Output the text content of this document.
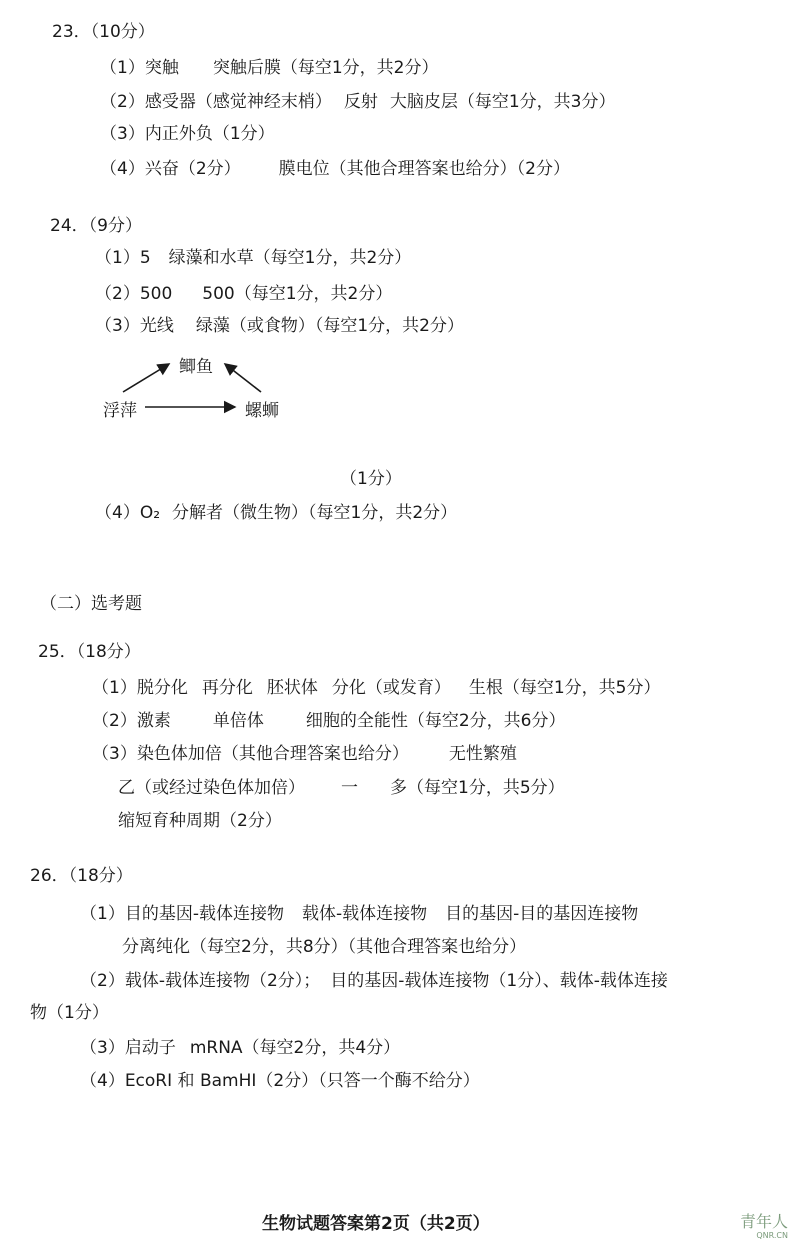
23．（10分）
（1）突触 突触后膜（每空1分，共2分）
（2）感受器（感觉神经末梢） 反射 大脑皮层（每空1分，共3分）
（3）内正外负（1分）
（4）兴奋（2分） 膜电位（其他合理答案也给分）（2分）
24．（9分）
（1）5 绿藻和水草（每空1分，共2分）
（2）500 500（每空1分，共2分）
（3）光线 绿藻（或食物）（每空1分，共2分）
鲫鱼
浮萍	螺蛳
（1分）
（4）O₂ 分解者（微生物）（每空1分，共2分）
（二）选考题
25．（18分）
（1）脱分化 再分化 胚状体 分化（或发育） 生根（每空1分，共5分）
（2）激素 单倍体 细胞的全能性（每空2分，共6分）
（3）染色体加倍（其他合理答案也给分） 无性繁殖
乙（或经过染色体加倍） 一 多（每空1分，共5分）
缩短育种周期（2分）
26．（18分）
（1）目的基因-载体连接物 载体-载体连接物 目的基因-目的基因连接物
分离纯化（每空2分，共8分）（其他合理答案也给分）
（2）载体-载体连接物（2分）； 目的基因-载体连接物（1分）、载体-载体连接
物（1分）
（3）启动子 mRNA（每空2分，共4分）
（4）EcoRI 和 BamHI（2分）（只答一个酶不给分）
生物试题答案第2页（共2页）	青年人
QNR.CN
